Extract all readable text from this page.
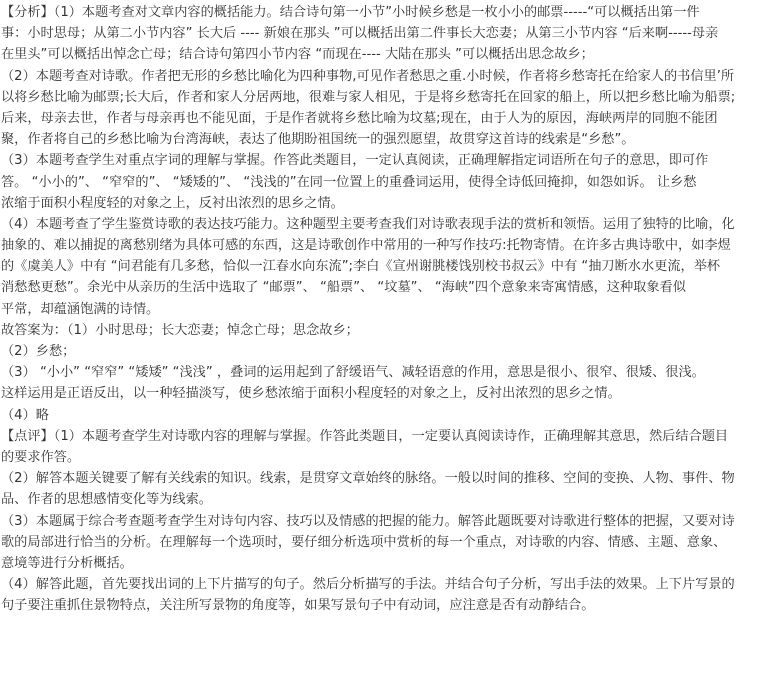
【分析】（1）本题考查对文章内容的概括能力。结合诗句第一小节”小时候乡愁是一枚小小的邮票-----“可以概括出第一件
事：小时思母；从第二小节内容” 长大后 ---- 新娘在那头 ”可以概括出第二件事长大恋妻；从第三小节内容 “后来啊-----母亲
在里头”可以概括出悼念亡母；结合诗句第四小节内容 “而现在---- 大陆在那头 ”可以概括出思念故乡；
（2）本题考查对诗歌。作者把无形的乡愁比喻化为四种事物,可见作者愁思之重.小时候，作者将乡愁寄托在给家人的书信里’所
以将乡愁比喻为邮票;长大后，作者和家人分居两地，很难与家人相见，于是将乡愁寄托在回家的船上，所以把乡愁比喻为船票;
后来，母亲去世，作者与母亲再也不能见面，于是作者就将乡愁比喻为坟墓;现在，由于人为的原因，海峡两岸的同胞不能团
聚，作者将自己的乡愁比喻为台湾海峡，表达了他期盼祖国统一的强烈愿望，故贯穿这首诗的线索是“乡愁”。
（3）本题考查学生对重点字词的理解与掌握。作答此类题目，一定认真阅读，正确理解指定词语所在句子的意思，即可作
答。 “小小的”、 “窄窄的”、 “矮矮的”、 “浅浅的”在同一位置上的重叠词运用，使得全诗低回掩抑，如怨如诉。 让乡愁
浓缩于面积小程度轻的对象之上，反衬出浓烈的思乡之情。
（4）本题考查了学生鉴赏诗歌的表达技巧能力。这种题型主要考查我们对诗歌表现手法的赏析和领悟。运用了独特的比喻，化
抽象的、难以捕捉的离愁别绪为具体可感的东西，这是诗歌创作中常用的一种写作技巧:托物寄情。在许多古典诗歌中，如李煜
的《虞美人》中有 “问君能有几多愁，恰似一江春水向东流”;李白《宣州谢朓楼饯别校书叔云》中有 “抽刀断水水更流，举杯
消愁愁更愁”。余光中从亲历的生活中选取了 “邮票”、 “船票”、 “坟墓”、 “海峡”四个意象来寄寓情感，这种取象看似
平常，却蕴涵饱满的诗情。
故答案为：（1）小时思母；长大恋妻；悼念亡母；思念故乡；
（2）乡愁；
（3） “小小” “窄窄” “矮矮” “浅浅” ，叠词的运用起到了舒缓语气、减轻语意的作用，意思是很小、很窄、很矮、很浅。
这样运用是正语反出，以一种轻描淡写，使乡愁浓缩于面积小程度轻的对象之上，反衬出浓烈的思乡之情。
（4）略
【点评】（1）本题考查学生对诗歌内容的理解与掌握。作答此类题目，一定要认真阅读诗作，正确理解其意思，然后结合题目
的要求作答。
（2）解答本题关键要了解有关线索的知识。线索，是贯穿文章始终的脉络。一般以时间的推移、空间的变换、人物、事件、物
品、作者的思想感情变化等为线索。
（3）本题属于综合考查题考查学生对诗句内容、技巧以及情感的把握的能力。解答此题既要对诗歌进行整体的把握，又要对诗
歌的局部进行恰当的分析。在理解每一个选项时，要仔细分析选项中赏析的每一个重点，对诗歌的内容、情感、主题、意象、
意境等进行分析概括。
（4）解答此题，首先要找出词的上下片描写的句子。然后分析描写的手法。并结合句子分析，写出手法的效果。上下片写景的
句子要注重抓住景物特点，关注所写景物的角度等，如果写景句子中有动词，应注意是否有动静结合。
